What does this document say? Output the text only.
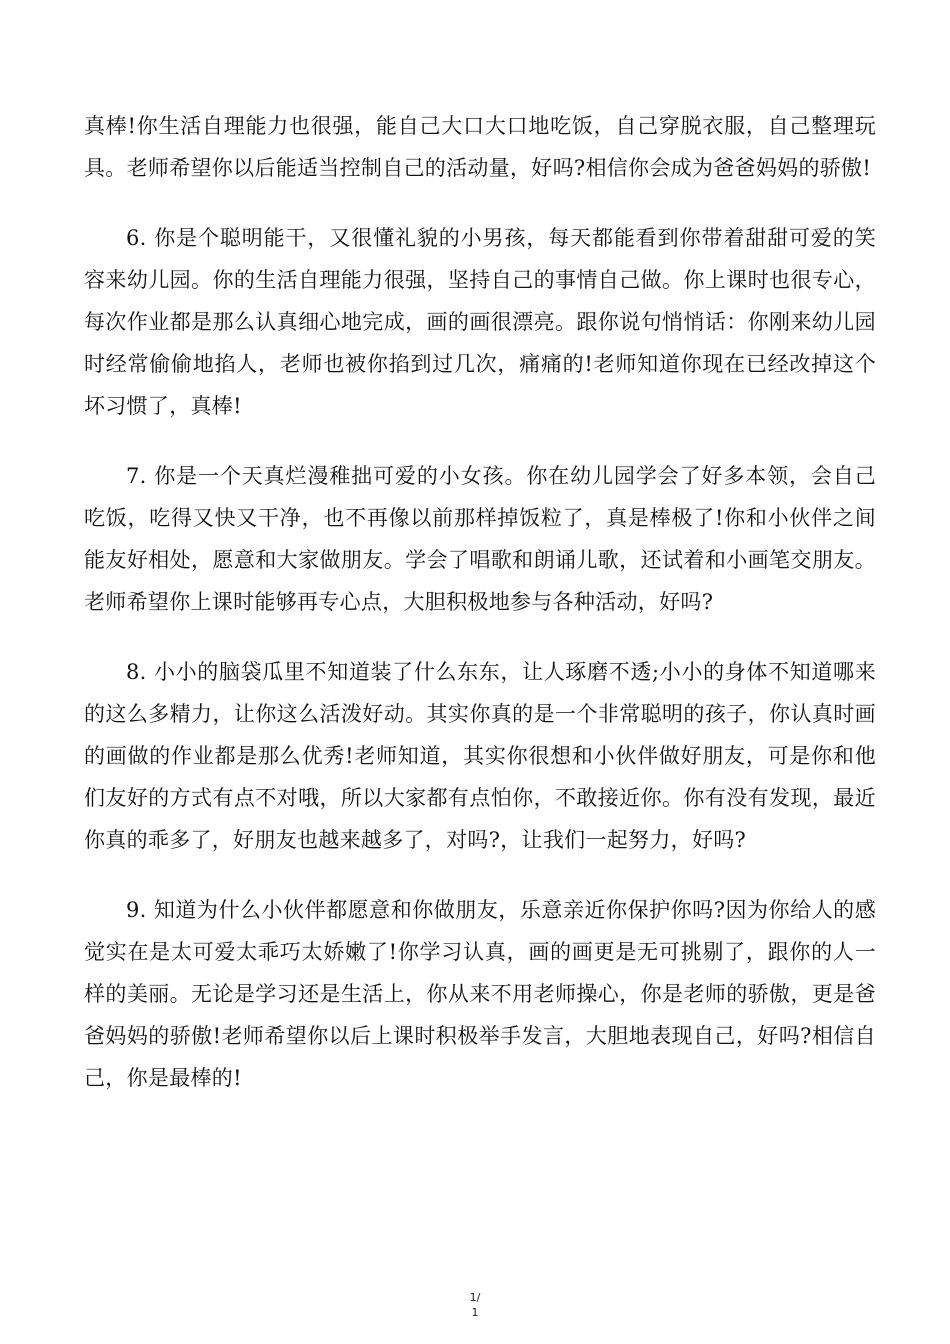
真棒!你生活自理能力也很强，能自己大口大口地吃饭，自己穿脱衣服，自己整理玩具。老师希望你以后能适当控制自己的活动量，好吗?相信你会成为爸爸妈妈的骄傲!

6. 你是个聪明能干，又很懂礼貌的小男孩，每天都能看到你带着甜甜可爱的笑容来幼儿园。你的生活自理能力很强，坚持自己的事情自己做。你上课时也很专心，每次作业都是那么认真细心地完成，画的画很漂亮。跟你说句悄悄话：你刚来幼儿园时经常偷偷地掐人，老师也被你掐到过几次，痛痛的!老师知道你现在已经改掉这个坏习惯了，真棒!

7. 你是一个天真烂漫稚拙可爱的小女孩。你在幼儿园学会了好多本领，会自己吃饭，吃得又快又干净，也不再像以前那样掉饭粒了，真是棒极了!你和小伙伴之间能友好相处，愿意和大家做朋友。学会了唱歌和朗诵儿歌，还试着和小画笔交朋友。老师希望你上课时能够再专心点，大胆积极地参与各种活动，好吗?

8. 小小的脑袋瓜里不知道装了什么东东，让人琢磨不透;小小的身体不知道哪来的这么多精力，让你这么活泼好动。其实你真的是一个非常聪明的孩子，你认真时画的画做的作业都是那么优秀!老师知道，其实你很想和小伙伴做好朋友，可是你和他们友好的方式有点不对哦，所以大家都有点怕你，不敢接近你。你有没有发现，最近你真的乖多了，好朋友也越来越多了，对吗?，让我们一起努力，好吗?

9. 知道为什么小伙伴都愿意和你做朋友，乐意亲近你保护你吗?因为你给人的感觉实在是太可爱太乖巧太娇嫩了!你学习认真，画的画更是无可挑剔了，跟你的人一样的美丽。无论是学习还是生活上，你从来不用老师操心，你是老师的骄傲，更是爸爸妈妈的骄傲!老师希望你以后上课时积极举手发言，大胆地表现自己，好吗?相信自己，你是最棒的!

1/
1
